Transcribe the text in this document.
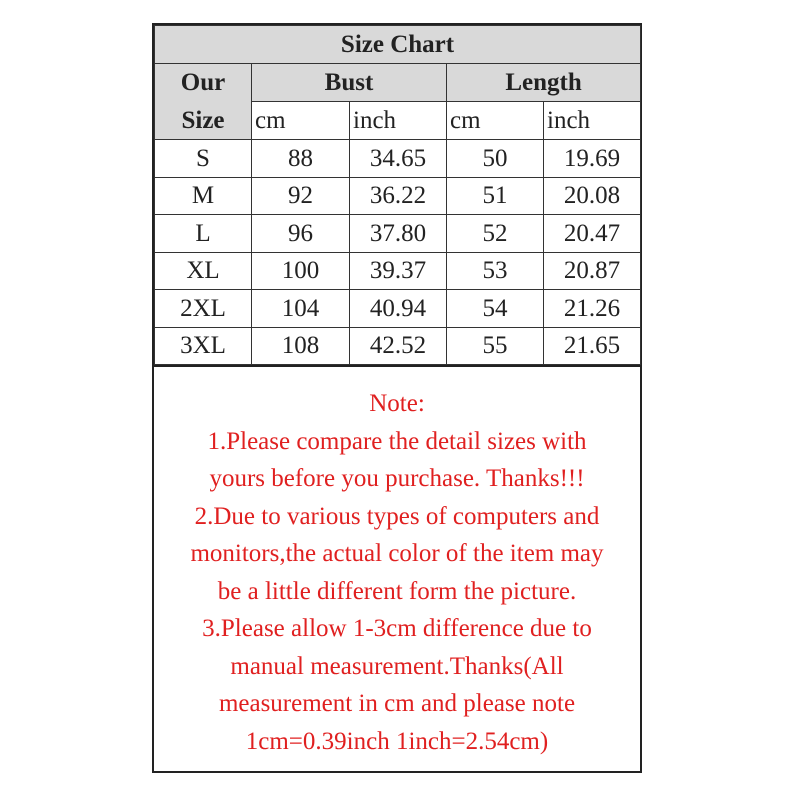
Size Chart				
Our	Bust		Length	
Size	cm	inch	cm	inch
S	88	34.65	50	19.69
M	92	36.22	51	20.08
L	96	37.80	52	20.47
XL	100	39.37	53	20.87
2XL	104	40.94	54	21.26
3XL	108	42.52	55	21.65
Note:
1.Please compare the detail sizes with
yours before you purchase. Thanks!!!
2.Due to various types of computers and
monitors,the actual color of the item may
be a little different form the picture.
3.Please allow 1-3cm difference due to
manual measurement.Thanks(All
measurement in cm and please note
1cm=0.39inch 1inch=2.54cm)
